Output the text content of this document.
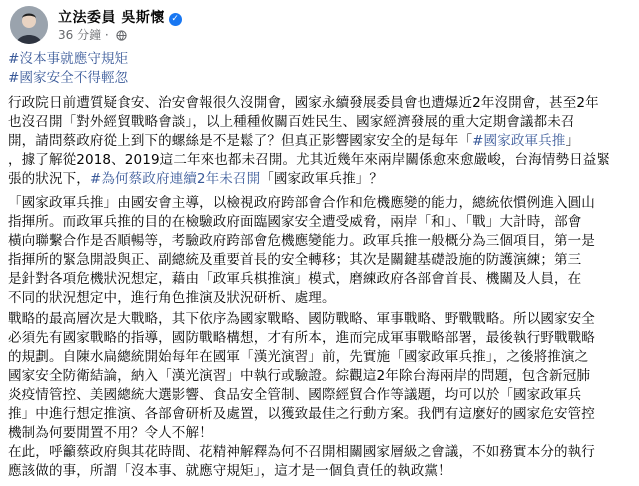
立法委員 吳斯懷 ✓
36 分鐘 ·
#沒本事就應守規矩
#國家安全不得輕忽
行政院日前遭質疑食安、治安會報很久沒開會，國家永續發展委員會也遭爆近2年沒開會，甚至2年
也沒召開「對外經貿戰略會談」，以上種種攸關百姓民生、國家經濟發展的重大定期會議都未召
開，請問蔡政府從上到下的螺絲是不是鬆了？但真正影響國家安全的是每年「#國家政軍兵推」
，據了解從2018、2019這二年來也都未召開。尤其近幾年來兩岸關係愈來愈嚴峻，台海情勢日益緊
張的狀況下，#為何蔡政府連續2年未召開「國家政軍兵推」？
「國家政軍兵推」由國安會主導，以檢視政府跨部會合作和危機應變的能力，總統依慣例進入圓山
指揮所。而政軍兵推的目的在檢驗政府面臨國家安全遭受威脅，兩岸「和」、「戰」大計時，部會
橫向聯繫合作是否順暢等，考驗政府跨部會危機應變能力。政軍兵推一般概分為三個項目，第一是
指揮所的緊急開設與正、副總統及重要首長的安全轉移；其次是關鍵基礎設施的防護演練；第三
是針對各項危機狀況想定，藉由「政軍兵棋推演」模式，磨練政府各部會首長、機關及人員，在
不同的狀況想定中，進行角色推演及狀況研析、處理。
戰略的最高層次是大戰略，其下依序為國家戰略、國防戰略、軍事戰略、野戰戰略。所以國家安全
必須先有國家戰略的指導，國防戰略構想，才有所本，進而完成軍事戰略部署，最後執行野戰戰略
的規劃。自陳水扁總統開始每年在國軍「漢光演習」前，先實施「國家政軍兵推」，之後將推演之
國家安全防衛結論，納入「漢光演習」中執行或驗證。綜觀這2年除台海兩岸的問題，包含新冠肺
炎疫情管控、美國總統大選影響、食品安全管制、國際經貿合作等議題，均可以於「國家政軍兵
推」中進行想定推演、各部會研析及處置，以獲致最佳之行動方案。我們有這麼好的國家危安管控
機制為何要閒置不用？令人不解！
在此，呼籲蔡政府與其花時間、花精神解釋為何不召開相關國家層級之會議，不如務實本分的執行
應該做的事，所謂「沒本事、就應守規矩」，這才是一個負責任的執政黨！
